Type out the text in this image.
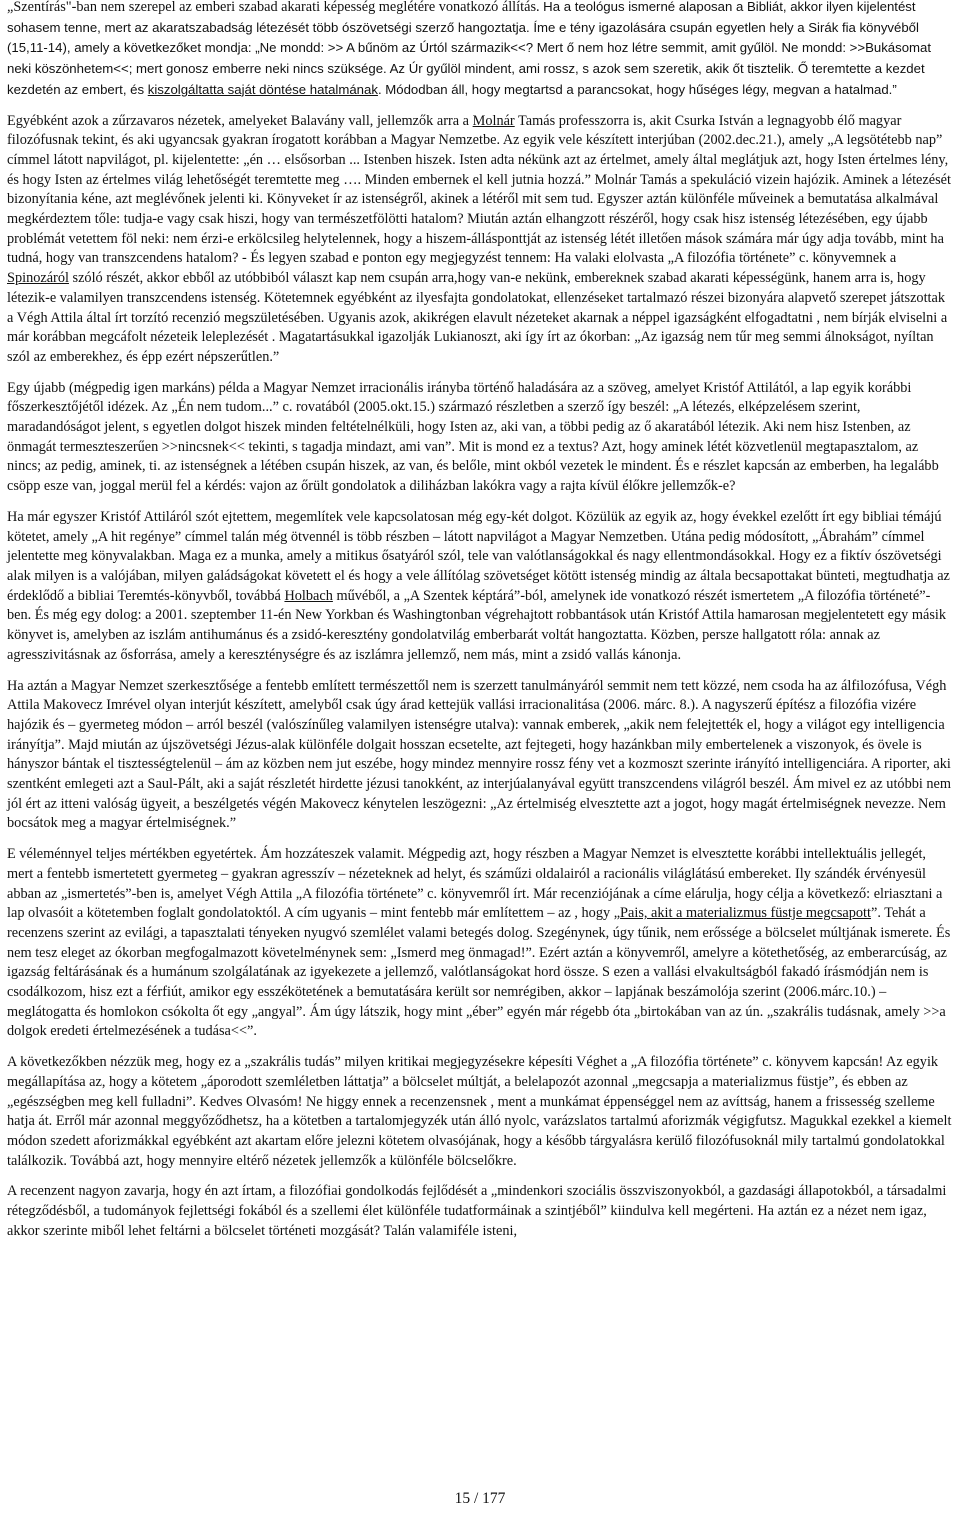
„Szentírás"-ban nem szerepel az emberi szabad akarati képesség meglétére vonatkozó állítás. Ha a teológus ismerné alaposan a Bibliát, akkor ilyen kijelentést sohasem tenne, mert az akaratszabadság létezését több ószövetségi szerző hangoztatja. Íme e tény igazolására csupán egyetlen hely a Sirák fia könyvéből (15,11-14), amely a következőket mondja: „Ne mondd: >> A bűnöm az Úrtól származik<<? Mert ő nem hoz létre semmit, amit gyűlöl. Ne mondd: >>Bukásomat neki köszönhetem<<; mert gonosz emberre neki nincs szüksége. Az Úr gyűlöl mindent, ami rossz, s azok sem szeretik, akik őt tisztelik. Ő teremtette a kezdet kezdetén az embert, és kiszolgáltatta saját döntése hatalmának. Módodban áll, hogy megtartsd a parancsokat, hogy hűséges légy, megvan a hatalmad.”

Egyébként azok a zűrzavaros nézetek, amelyeket Balavány vall, jellemzők arra a Molnár Tamás professzorra is, akit Csurka István a legnagyobb élő magyar filozófusnak tekint, és aki ugyancsak gyakran írogatott korábban a Magyar Nemzetbe. Az egyik vele készített interjúban (2002.dec.21.), amely „A legsötétebb nap” címmel látott napvilágot, pl. kijelentette: „én … elsősorban ... Istenben hiszek. Isten adta nékünk azt az értelmet, amely által meglátjuk azt, hogy Isten értelmes lény, és hogy Isten az értelmes világ lehetőségét teremtette meg …. Minden embernek el kell jutnia hozzá.” Molnár Tamás a spekuláció vizein hajózik. Aminek a létezését bizonyítania kéne, azt meglévőnek jelenti ki. Könyveket ír az istenségről, akinek a létéről mit sem tud. Egyszer aztán különféle műveinek a bemutatása alkalmával megkérdeztem tőle: tudja-e vagy csak hiszi, hogy van természetfölötti hatalom? Miután aztán elhangzott részéről, hogy csak hisz istenség létezésében, egy újabb problémát vetettem föl neki: nem érzi-e erkölcsileg helytelennek, hogy a hiszem-állásponttját az istenség létét illetően mások számára már úgy adja tovább, mint ha tudná, hogy van transzcendens hatalom? - És legyen szabad e ponton egy megjegyzést tennem: Ha valaki elolvasta „A filozófia története” c. könyvemnek a Spinozáról szóló részét, akkor ebből az utóbbiból választ kap nem csupán arra,hogy van-e nekünk, embereknek szabad akarati képességünk, hanem arra is, hogy létezik-e valamilyen transzcendens istenség. Kötetemnek egyébként az ilyesfajta gondolatokat, ellenzéseket tartalmazó részei bizonyára alapvető szerepet játszottak a Végh Attila által írt torzító recenzió megszületésében. Ugyanis azok, akikrégen elavult nézeteket akarnak a néppel igazságként elfogadtatni , nem bírják elviselni a már korábban megcáfolt nézeteik leleplezését . Magatartásukkal igazolják Lukianoszt, aki így írt az ókorban: „Az igazság nem tűr meg semmi álnokságot, nyíltan szól az emberekhez, és épp ezért népszerűtlen.”

Egy újabb (mégpedig igen markáns) példa a Magyar Nemzet irracionális irányba történő haladására az a szöveg, amelyet Kristóf Attilától, a lap egyik korábbi főszerkesztőjétől idézek. Az „Én nem tudom...” c. rovatából (2005.okt.15.) származó részletben a szerző így beszél: „A létezés, elképzelésem szerint, maradandóságot jelent, s egyetlen dolgot hiszek minden feltételnélküli, hogy Isten az, aki van, a többi pedig az ő akaratából létezik. Aki nem hisz Istenben, az önmagát termeszteszerűen >>nincsnek<< tekinti, s tagadja mindazt, ami van”. Mit is mond ez a textus? Azt, hogy aminek létét közvetlenül megtapasztalom, az nincs; az pedig, aminek, ti. az istenségnek a létében csupán hiszek, az van, és belőle, mint okból vezetek le mindent. És e részlet kapcsán az emberben, ha legalább csöpp esze van, joggal merül fel a kérdés: vajon az őrült gondolatok a diliházban lakókra vagy a rajta kívül élőkre jellemzők-e?

Ha már egyszer Kristóf Attiláról szót ejtettem, megemlítek vele kapcsolatosan még egy-két dolgot. Közülük az egyik az, hogy évekkel ezelőtt írt egy bibliai témájú kötetet, amely „A hit regénye” címmel talán még ötvennél is több részben – látott napvilágot a Magyar Nemzetben. Utána pedig módosított, „Ábrahám” címmel jelentette meg könyvalakban. Maga ez a munka, amely a mitikus ősatyáról szól, tele van valótlanságokkal és nagy ellentmondásokkal. Hogy ez a fiktív ószövetségi alak milyen is a valójában, milyen galádságokat követett el és hogy a vele állítólag szövetséget kötött istenség mindig az általa becsapottakat bünteti, megtudhatja az érdeklődő a bibliai Teremtés-könyvből, továbbá Holbach művéből, a „A Szentek képtárá”-ból, amelynek ide vonatkozó részét ismertetem „A filozófia történeté”-ben. És még egy dolog: a 2001. szeptember 11-én New Yorkban és Washingtonban végrehajtott robbantások után Kristóf Attila hamarosan megjelentetett egy másik könyvet is, amelyben az iszlám antihumánus és a zsidó-keresztény gondolatvilág emberbarát voltát hangoztatta. Közben, persze hallgatott róla: annak az agresszivitásnak az ősforrása, amely a kereszténységre és az iszlámra jellemző, nem más, mint a zsidó vallás kánonja.

Ha aztán a Magyar Nemzet szerkesztősége a fentebb említett természettől nem is szerzett tanulmányáról semmit nem tett közzé, nem csoda ha az álfilozófusa, Végh Attila Makovecz Imrével olyan interjút készített, amelyből csak úgy árad kettejük vallási irracionalitása (2006. márc. 8.). A nagyszerű építész a filozófia vizére hajózik és – gyermeteg módon – arról beszél (valószínűleg valamilyen istenségre utalva): vannak emberek, „akik nem felejtették el, hogy a világot egy intelligencia irányítja”. Majd miután az újszövetségi Jézus-alak különféle dolgait hosszan ecsetelte, azt fejtegeti, hogy hazánkban mily embertelenek a viszonyok, és övele is hányszor bántak el tisztességtelenül – ám az közben nem jut eszébe, hogy mindez mennyire rossz fény vet a kozmoszt szerinte irányító intelligenciára. A riporter, aki szentként emlegeti azt a Saul-Pált, aki a saját részletét hirdette jézusi tanokként, az interjúalanyával együtt transzcendens világról beszél. Ám mivel ez az utóbbi nem jól ért az itteni valóság ügyeit, a beszélgetés végén Makovecz kénytelen leszögezni: „Az értelmiség elvesztette azt a jogot, hogy magát értelmiségnek nevezze. Nem bocsátok meg a magyar értelmiségnek.”

E véleménnyel teljes mértékben egyetértek. Ám hozzáteszek valamit. Mégpedig azt, hogy részben a Magyar Nemzet is elvesztette korábbi intellektuális jellegét, mert a fentebb ismertetett gyermeteg – gyakran agresszív – nézeteknek ad helyt, és száműzi oldalairól a racionális világlátású embereket. Ily szándék érvényesül abban az „ismertetés”-ben is, amelyet Végh Attila „A filozófia története” c. könyvemről írt. Már recenziójának a címe elárulja, hogy célja a következő: elriasztani a lap olvasóit a kötetemben foglalt gondolatoktól. A cím ugyanis – mint fentebb már említettem – az , hogy „Pais, akit a materializmus füstje megcsapott”. Tehát a recenzens szerint az evilági, a tapasztalati tényeken nyugvó szemlélet valami betegés dolog. Szegénynek, úgy tűnik, nem erőssége a bölcselet múltjának ismerete. És nem tesz eleget az ókorban megfogalmazott követelménynek sem: „Ismerd meg önmagad!”. Ezért aztán a könyvemről, amelyre a kötethetőség, az emberarcúság, az igazság feltárásának és a humánum szolgálatának az igyekezete a jellemző, valótlanságokat hord össze. S ezen a vallási elvakultságból fakadó írásmódján nem is csodálkozom, hisz ezt a férfiút, amikor egy esszékötetének a bemutatására került sor nemrégiben, akkor – lapjának beszámolója szerint (2006.márc.10.) – meglátogatta és homlokon csókolta őt egy „angyal”. Ám úgy látszik, hogy mint „éber” egyén már régebb óta „birtokában van az ún. „szakrális tudásnak, amely >>a dolgok eredeti értelmezésének a tudása<<”.

A következőkben nézzük meg, hogy ez a „szakrális tudás” milyen kritikai megjegyzésekre képesíti Véghet a „A filozófia története” c. könyvem kapcsán! Az egyik megállapítása az, hogy a kötetem „áporodott szemléletben láttatja” a bölcselet múltját, a belelapozót azonnal „megcsapja a materializmus füstje”, és ebben az „egészségben meg kell fulladni”. Kedves Olvasóm! Ne higgy ennek a recenzensnek , ment a munkámat éppenséggel nem az avíttság, hanem a frissesség szelleme hatja át. Erről már azonnal meggyőződhetsz, ha a kötetben a tartalomjegyzék után álló nyolc, varázslatos tartalmú aforizmák végigfutsz. Magukkal ezekkel a kiemelt módon szedett aforizmákkal egyébként azt akartam előre jelezni kötetem olvasójának, hogy a később tárgyalásra kerülő filozófusoknál mily tartalmú gondolatokkal találkozik. Továbbá azt, hogy mennyire eltérő nézetek jellemzők a különféle bölcselőkre.

A recenzent nagyon zavarja, hogy én azt írtam, a filozófiai gondolkodás fejlődését a „mindenkori szociális összviszonyokból, a gazdasági állapotokból, a társadalmi rétegződésből, a tudományok fejlettségi fokából és a szellemi élet különféle tudatformáinak a szintjéből” kiindulva kell megérteni. Ha aztán ez a nézet nem igaz, akkor szerinte miből lehet feltárni a bölcselet történeti mozgását? Talán valamiféle isteni,

15 / 177
